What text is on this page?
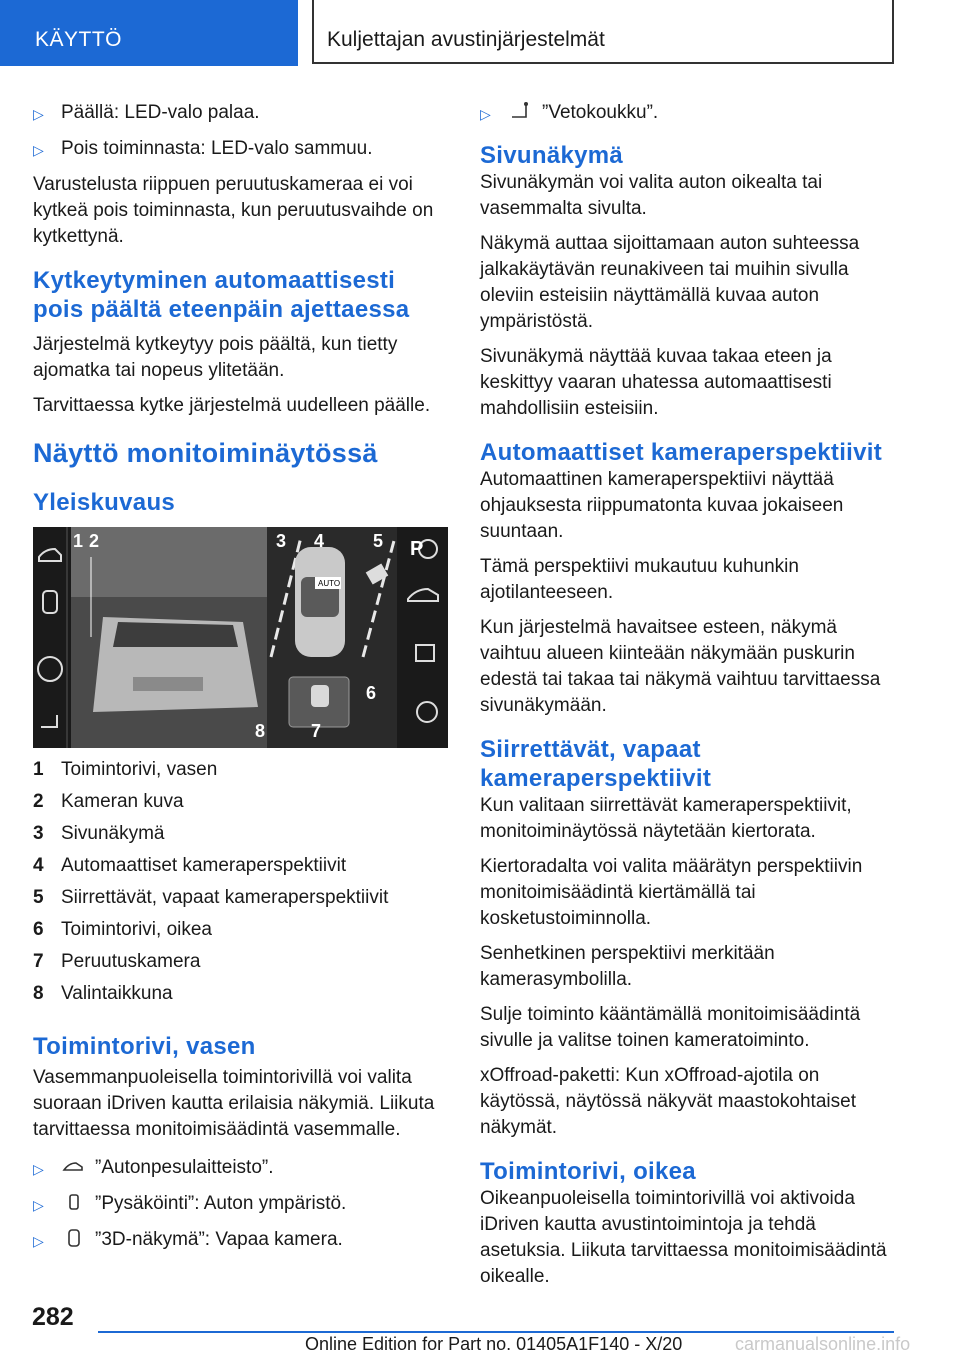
KÄYTTÖ	Kuljettajan avustinjärjestelmät
▷ Päällä: LED-valo palaa.
▷ Pois toiminnasta: LED-valo sammuu.

Varustelusta riippuen peruutuskameraa ei voi kytkeä pois toiminnasta, kun peruutusvaihde on kytkettynä.

Kytkeytyminen automaattisesti pois päältä eteenpäin ajettaessa

Järjestelmä kytkeytyy pois päältä, kun tietty ajomatka tai nopeus ylitetään.

Tarvittaessa kytke järjestelmä uudelleen päälle.

Näyttö monitoiminäytössä
Yleiskuvaus
AUTO
P
1 2	3 4	5
6
7
8
1 Toimintorivi, vasen
2 Kameran kuva
3 Sivunäkymä
4 Automaattiset kameraperspektiivit
5 Siirrettävät, vapaat kameraperspektiivit
6 Toimintorivi, oikea
7 Peruutuskamera
8 Valintaikkuna
Toimintorivi, vasen

Vasemmanpuoleisella toimintorivillä voi valita suoraan iDriven kautta erilaisia näkymiä. Liikuta tarvittaessa monitoimisäädintä vasemmalle.

▷	”Autonpesulaitteisto”.
▷	”Pysäköinti”: Auton ympäristö.
▷	”3D-näkymä”: Vapaa kamera.
▷	”Vetokoukku”.
Sivunäkymä

Sivunäkymän voi valita auton oikealta tai vasemmalta sivulta.

Näkymä auttaa sijoittamaan auton suhteessa jalkakäytävän reunakiveen tai muihin sivulla oleviin esteisiin näyttämällä kuvaa auton ympäristöstä.

Sivunäkymä näyttää kuvaa takaa eteen ja keskittyy vaaran uhatessa automaattisesti mahdollisiin esteisiin.

Automaattiset kameraperspektiivit

Automaattinen kameraperspektiivi näyttää ohjauksesta riippumatonta kuvaa jokaiseen suuntaan.

Tämä perspektiivi mukautuu kuhunkin ajotilanteeseen.

Kun järjestelmä havaitsee esteen, näkymä vaihtuu alueen kiinteään näkymään puskurin edestä tai takaa tai näkymä vaihtuu tarvittaessa sivunäkymään.

Siirrettävät, vapaat kameraperspektiivit

Kun valitaan siirrettävät kameraperspektiivit, monitoiminäytössä näytetään kiertorata.

Kiertoradalta voi valita määrätyn perspektiivin monitoimisäädintä kiertämällä tai kosketustoiminnolla.

Senhetkinen perspektiivi merkitään kamerasymbolilla.

Sulje toiminto kääntämällä monitoimisäädintä sivulle ja valitse toinen kameratoiminto.

xOffroad-paketti: Kun xOffroad-ajotila on käytössä, näytössä näkyvät maastokohtaiset näkymät.

Toimintorivi, oikea

Oikeanpuoleisella toimintorivillä voi aktivoida iDriven kautta avustintoimintoja ja tehdä asetuksia. Liikuta tarvittaessa monitoimisäädintä oikealle.

282
Online Edition for Part no. 01405A1F140 - X/20	carmanualsonline.info
